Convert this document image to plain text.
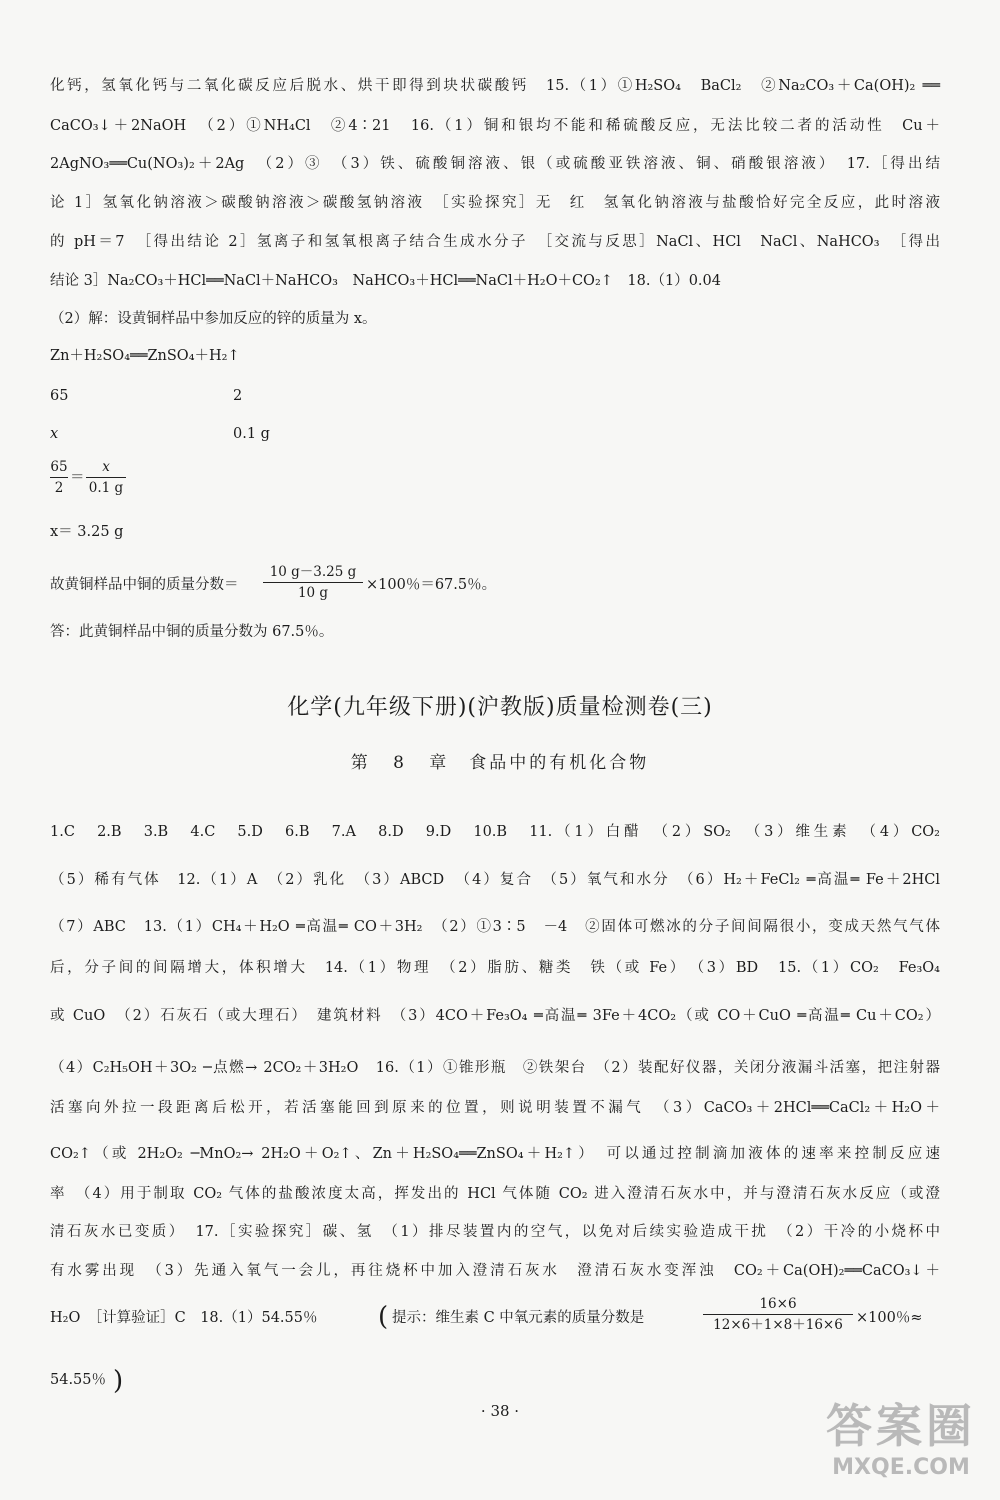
化钙，氢氧化钙与二氧化碳反应后脱水、烘干即得到块状碳酸钙　15.（1）①H₂SO₄　BaCl₂　②Na₂CO₃＋Ca(OH)₂ ══
CaCO₃↓＋2NaOH　（2）①NH₄Cl　②4∶21　16.（1）铜和银均不能和稀硫酸反应，无法比较二者的活动性　Cu＋
2AgNO₃══Cu(NO₃)₂＋2Ag　（2）③　（3）铁、硫酸铜溶液、银（或硫酸亚铁溶液、铜、硝酸银溶液）　17.［得出结
论 1］氢氧化钠溶液＞碳酸钠溶液＞碳酸氢钠溶液　［实验探究］无　红　氢氧化钠溶液与盐酸恰好完全反应，此时溶液
的 pH＝7　［得出结论 2］氢离子和氢氧根离子结合生成水分子　［交流与反思］NaCl、HCl　NaCl、NaHCO₃　［得出
结论 3］Na₂CO₃＋HCl══NaCl＋NaHCO₃　NaHCO₃＋HCl══NaCl＋H₂O＋CO₂↑　18.（1）0.04
（2）解：设黄铜样品中参加反应的锌的质量为 x。
Zn＋H₂SO₄══ZnSO₄＋H₂↑
65	2
x	0.1 g
65
2
＝
x
0.1 g
x＝ 3.25 g
故黄铜样品中铜的质量分数＝
10 g－3.25 g
10 g	×100％＝67.5％。
答：此黄铜样品中铜的质量分数为 67.5％。
化学(九年级下册)(沪教版)质量检测卷(三)
第 8 章　食品中的有机化合物
1.C　2.B　3.B　4.C　5.D　6.B　7.A　8.D　9.D　10.B　11.（1）白醋　（2）SO₂　（3）维生素　（4）CO₂
（5）稀有气体　12.（1）A　（2）乳化　（3）ABCD　（4）复合　（5）氧气和水分　（6）H₂＋FeCl₂ ═高温═ Fe＋2HCl
（7）ABC　13.（1）CH₄＋H₂O ═高温═ CO＋3H₂　（2）①3∶5　－4　②固体可燃冰的分子间间隔很小，变成天然气气体
后，分子间的间隔增大，体积增大　14.（1）物理　（2）脂肪、糖类　铁（或 Fe）　（3）BD　15.（1）CO₂　Fe₃O₄
或 CuO　（2）石灰石（或大理石）　建筑材料　（3）4CO＋Fe₃O₄ ═高温═ 3Fe＋4CO₂（或 CO＋CuO ═高温═ Cu＋CO₂）
（4）C₂H₅OH＋3O₂ ─点燃→ 2CO₂＋3H₂O　16.（1）①锥形瓶　②铁架台　（2）装配好仪器，关闭分液漏斗活塞，把注射器
活塞向外拉一段距离后松开，若活塞能回到原来的位置，则说明装置不漏气　（3）CaCO₃＋2HCl══CaCl₂＋H₂O＋
CO₂↑（或 2H₂O₂ ─MnO₂→ 2H₂O＋O₂↑、Zn＋H₂SO₄══ZnSO₄＋H₂↑）　可以通过控制滴加液体的速率来控制反应速
率　（4）用于制取 CO₂ 气体的盐酸浓度太高，挥发出的 HCl 气体随 CO₂ 进入澄清石灰水中，并与澄清石灰水反应（或澄
清石灰水已变质）　17.［实验探究］碳、氢　（1）排尽装置内的空气，以免对后续实验造成干扰　（2）干冷的小烧杯中
有水雾出现　（3）先通入氧气一会儿，再往烧杯中加入澄清石灰水　澄清石灰水变浑浊　CO₂＋Ca(OH)₂══CaCO₃↓＋
H₂O　［计算验证］C　18.（1）54.55％ ( 提示：维生素 C 中氧元素的质量分数是
16×6
12×6＋1×8＋16×6 ×100％≈
54.55％ )
· 38 ·	答案圈
MXQE.COM
